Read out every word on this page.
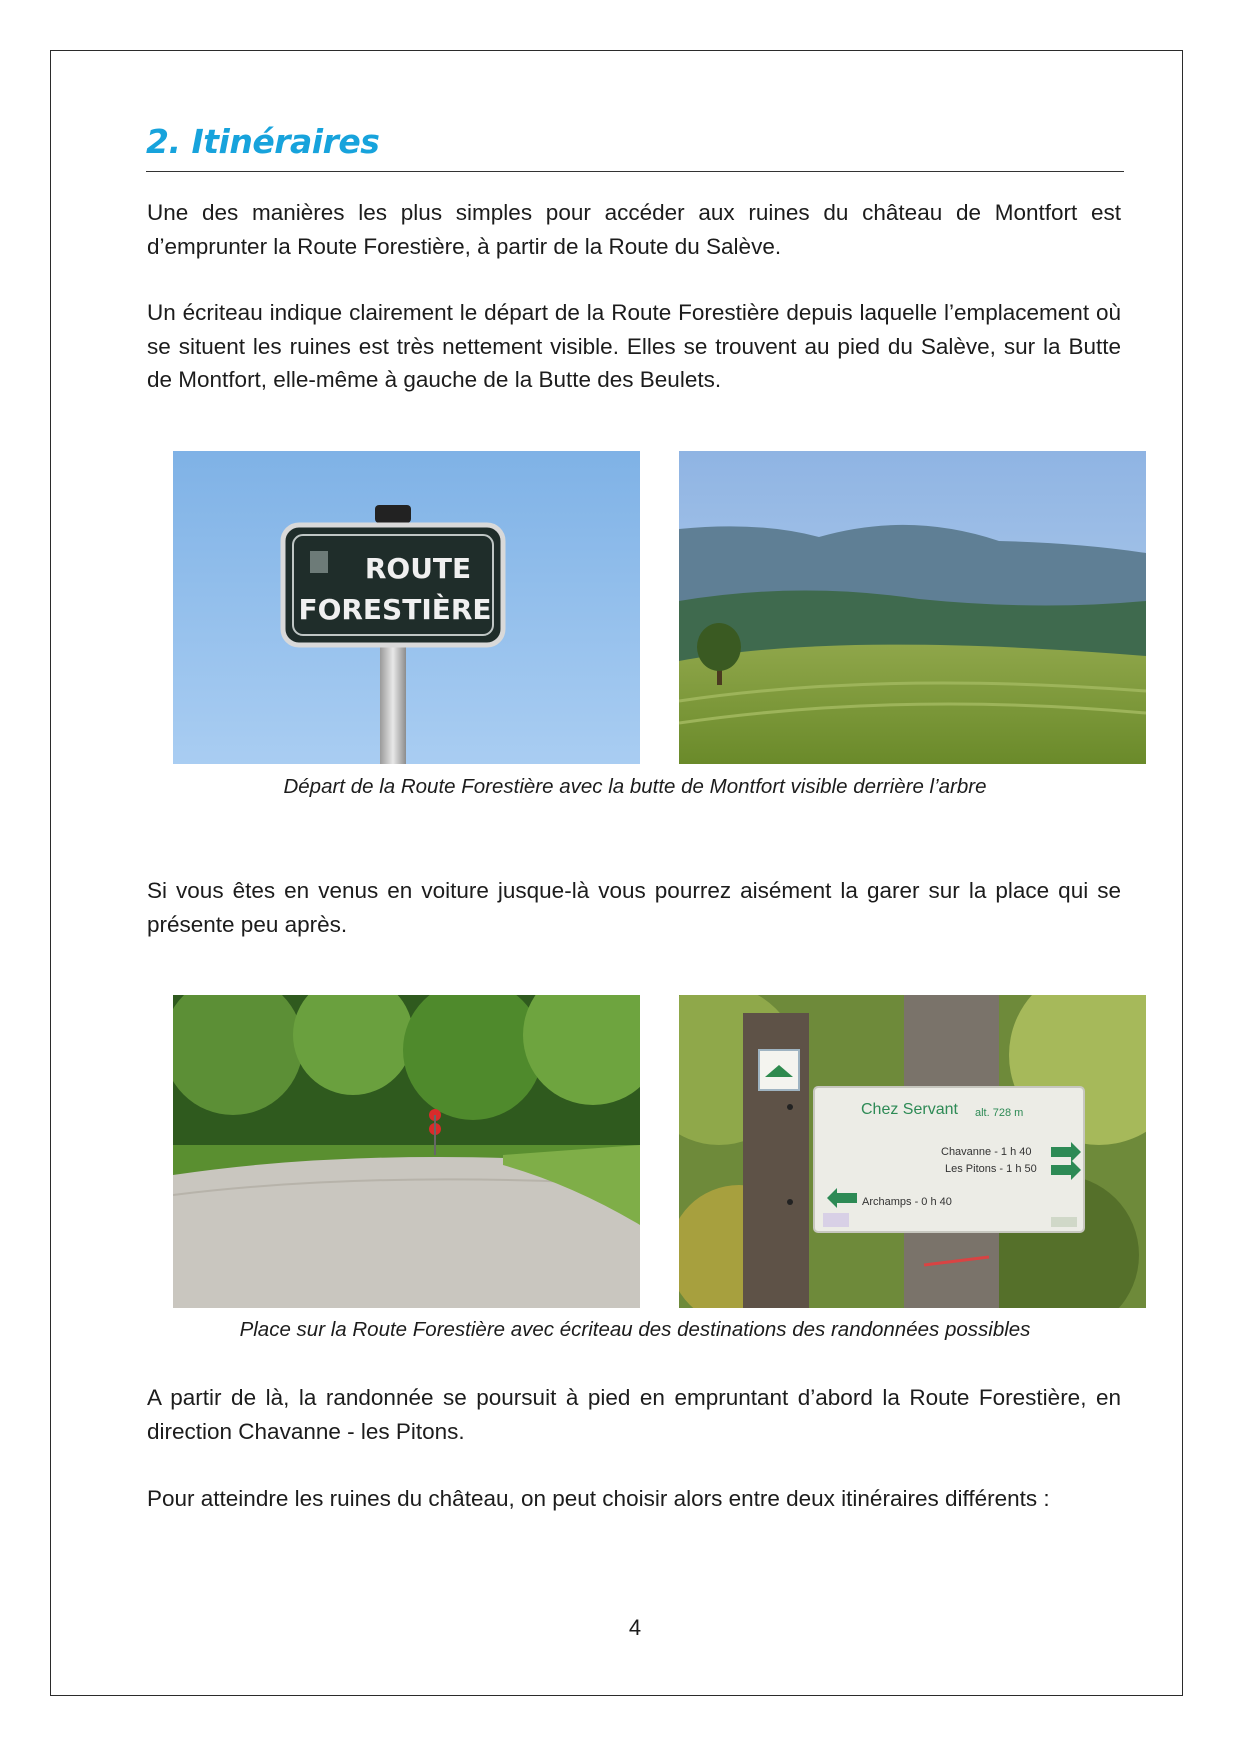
2. Itinéraires

Une des manières les plus simples pour accéder aux ruines du château de Montfort est d’emprunter la Route Forestière, à partir de la Route du Salève.

Un écriteau indique clairement le départ de la Route Forestière depuis laquelle l’emplacement où se situent les ruines est très nettement visible. Elles se trouvent au pied du Salève, sur la Butte de Montfort, elle-même à gauche de la Butte des Beulets.

ROUTE
FORESTIÈRE

Départ de la Route Forestière avec la butte de Montfort visible derrière l’arbre

Si vous êtes en venus en voiture jusque-là vous pourrez aisément la garer sur la place qui se présente peu après.

Chez Servant alt. 728 m
Chavanne - 1 h 40
Les Pitons - 1 h 50
Archamps - 0 h 40

Place sur la Route Forestière avec écriteau des destinations des randonnées possibles

A partir de là, la randonnée se poursuit à pied en empruntant d’abord la Route Forestière, en direction Chavanne - les Pitons.

Pour atteindre les ruines du château, on peut choisir alors entre deux itinéraires différents :

4
